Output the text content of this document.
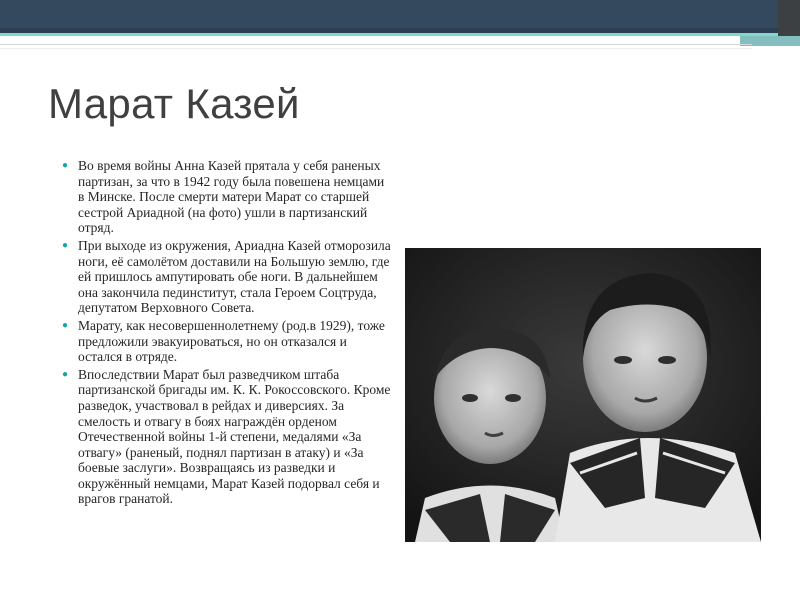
Марат Казей
● Во время войны Анна Казей прятала у себя раненых партизан, за что в 1942 году была повешена немцами в Минске. После смерти матери Марат со старшей сестрой Ариадной (на фото) ушли в партизанский отряд.
● При выходе из окружения, Ариадна Казей отморозила ноги, её самолётом доставили на Большую землю, где ей пришлось ампутировать обе ноги. В дальнейшем она закончила пединститут, стала Героем Соцтруда, депутатом Верховного Совета.
● Марату, как несовершеннолетнему (род.в 1929), тоже предложили эвакуироваться, но он отказался и остался в отряде.
● Впоследствии Марат был разведчиком штаба партизанской бригады им. К. К. Рокоссовского. Кроме разведок, участвовал в рейдах и диверсиях. За смелость и отвагу в боях награждён орденом Отечественной войны 1-й степени, медалями «За отвагу» (раненый, поднял партизан в атаку) и «За боевые заслуги». Возвращаясь из разведки и окружённый немцами, Марат Казей подорвал себя и врагов гранатой.
